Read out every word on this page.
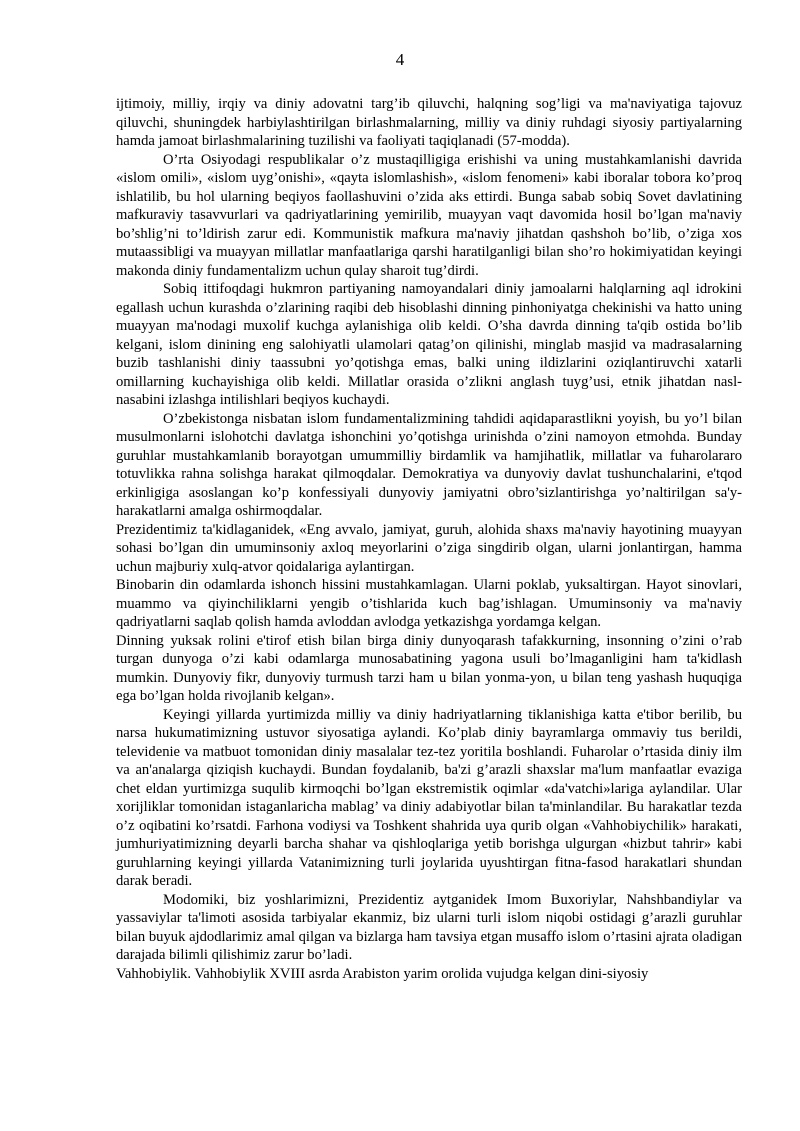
4

ijtimoiy, milliy, irqiy va diniy adovatni targ’ib qiluvchi, halqning sog’ligi va ma'naviyatiga tajovuz qiluvchi, shuningdek harbiylashtirilgan birlashmalarning, milliy va diniy ruhdagi siyosiy partiyalarning hamda jamoat birlashmalarining tuzilishi va faoliyati taqiqlanadi (57-modda).

O’rta Osiyodagi respublikalar o’z mustaqilligiga erishishi va uning mustahkamlanishi davrida «islom omili», «islom uyg’onishi», «qayta islomlashish», «islom fenomeni» kabi iboralar tobora ko’proq ishlatilib, bu hol ularning beqiyos faollashuvini o’zida aks ettirdi. Bunga sabab sobiq Sovet davlatining mafkuraviy tasavvurlari va qadriyatlarining yemirilib, muayyan vaqt davomida hosil bo’lgan ma'naviy bo’shlig’ni to’ldirish zarur edi. Kommunistik mafkura ma'naviy jihatdan qashshoh bo’lib, o’ziga xos mutaassibligi va muayyan millatlar manfaatlariga qarshi haratilganligi bilan sho’ro hokimiyatidan keyingi makonda diniy fundamentalizm uchun qulay sharoit tug’dirdi.

Sobiq ittifoqdagi hukmron partiyaning namoyandalari diniy jamoalarni halqlarning aql idrokini egallash uchun kurashda o’zlarining raqibi deb hisoblashi dinning pinhoniyatga chekinishi va hatto uning muayyan ma'nodagi muxolif kuchga aylanishiga olib keldi. O’sha davrda dinning ta'qib ostida bo’lib kelgani, islom dinining eng salohiyatli ulamolari qatag’on qilinishi, minglab masjid va madrasalarning buzib tashlanishi diniy taassubni yo’qotishga emas, balki uning ildizlarini oziqlantiruvchi xatarli omillarning kuchayishiga olib keldi. Millatlar orasida o’zlikni anglash tuyg’usi, etnik jihatdan nasl-nasabini izlashga intilishlari beqiyos kuchaydi.

O’zbekistonga nisbatan islom fundamentalizmining tahdidi aqidaparastlikni yoyish, bu yo’l bilan musulmonlarni islohotchi davlatga ishonchini yo’qotishga urinishda o’zini namoyon etmohda. Bunday guruhlar mustahkamlanib borayotgan umummilliy birdamlik va hamjihatlik, millatlar va fuharolararo totuvlikka rahna solishga harakat qilmoqdalar. Demokratiya va dunyoviy davlat tushunchalarini, e'tqod erkinligiga asoslangan ko’p konfessiyali dunyoviy jamiyatni obro’sizlantirishga yo’naltirilgan sa'y-harakatlarni amalga oshirmoqdalar.

Prezidentimiz ta'kidlaganidek, «Eng avvalo, jamiyat, guruh, alohida shaxs ma'naviy hayotining muayyan sohasi bo’lgan din umuminsoniy axloq meyorlarini o’ziga singdirib olgan, ularni jonlantirgan, hamma uchun majburiy xulq-atvor qoidalariga aylantirgan.

Binobarin din odamlarda ishonch hissini mustahkamlagan. Ularni poklab, yuksaltirgan. Hayot sinovlari, muammo va qiyinchiliklarni yengib o’tishlarida kuch bag’ishlagan. Umuminsoniy va ma'naviy qadriyatlarni saqlab qolish hamda avloddan avlodga yetkazishga yordamga kelgan.

Dinning yuksak rolini e'tirof etish bilan birga diniy dunyoqarash tafakkurning, insonning o’zini o’rab turgan dunyoga o’zi kabi odamlarga munosabatining yagona usuli bo’lmaganligini ham ta'kidlash mumkin. Dunyoviy fikr, dunyoviy turmush tarzi ham u bilan yonma-yon, u bilan teng yashash huquqiga ega bo’lgan holda rivojlanib kelgan».

Keyingi yillarda yurtimizda milliy va diniy hadriyatlarning tiklanishiga katta e'tibor berilib, bu narsa hukumatimizning ustuvor siyosatiga aylandi. Ko’plab diniy bayramlarga ommaviy tus berildi, televidenie va matbuot tomonidan diniy masalalar tez-tez yoritila boshlandi. Fuharolar o’rtasida diniy ilm va an'analarga qiziqish kuchaydi. Bundan foydalanib, ba'zi g’arazli shaxslar ma'lum manfaatlar evaziga chet eldan yurtimizga suqulib kirmoqchi bo’lgan ekstremistik oqimlar «da'vatchi»lariga aylandilar. Ular xorijliklar tomonidan istaganlaricha mablag’ va diniy adabiyotlar bilan ta'minlandilar. Bu harakatlar tezda o’z oqibatini ko’rsatdi. Farhona vodiysi va Toshkent shahrida uya qurib olgan «Vahhobiychilik» harakati, jumhuriyatimizning deyarli barcha shahar va qishloqlariga yetib borishga ulgurgan «hizbut tahrir» kabi guruhlarning keyingi yillarda Vatanimizning turli joylarida uyushtirgan fitna-fasod harakatlari shundan darak beradi.

Modomiki, biz yoshlarimizni, Prezidentiz aytganidek Imom Buxoriylar, Nahshbandiylar va yassaviylar ta'limoti asosida tarbiyalar ekanmiz, biz ularni turli islom niqobi ostidagi g’arazli guruhlar bilan buyuk ajdodlarimiz amal qilgan va bizlarga ham tavsiya etgan musaffo islom o’rtasini ajrata oladigan darajada bilimli qilishimiz zarur bo’ladi.

Vahhobiylik. Vahhobiylik XVIII asrda Arabiston yarim orolida vujudga kelgan dini-siyosiy
